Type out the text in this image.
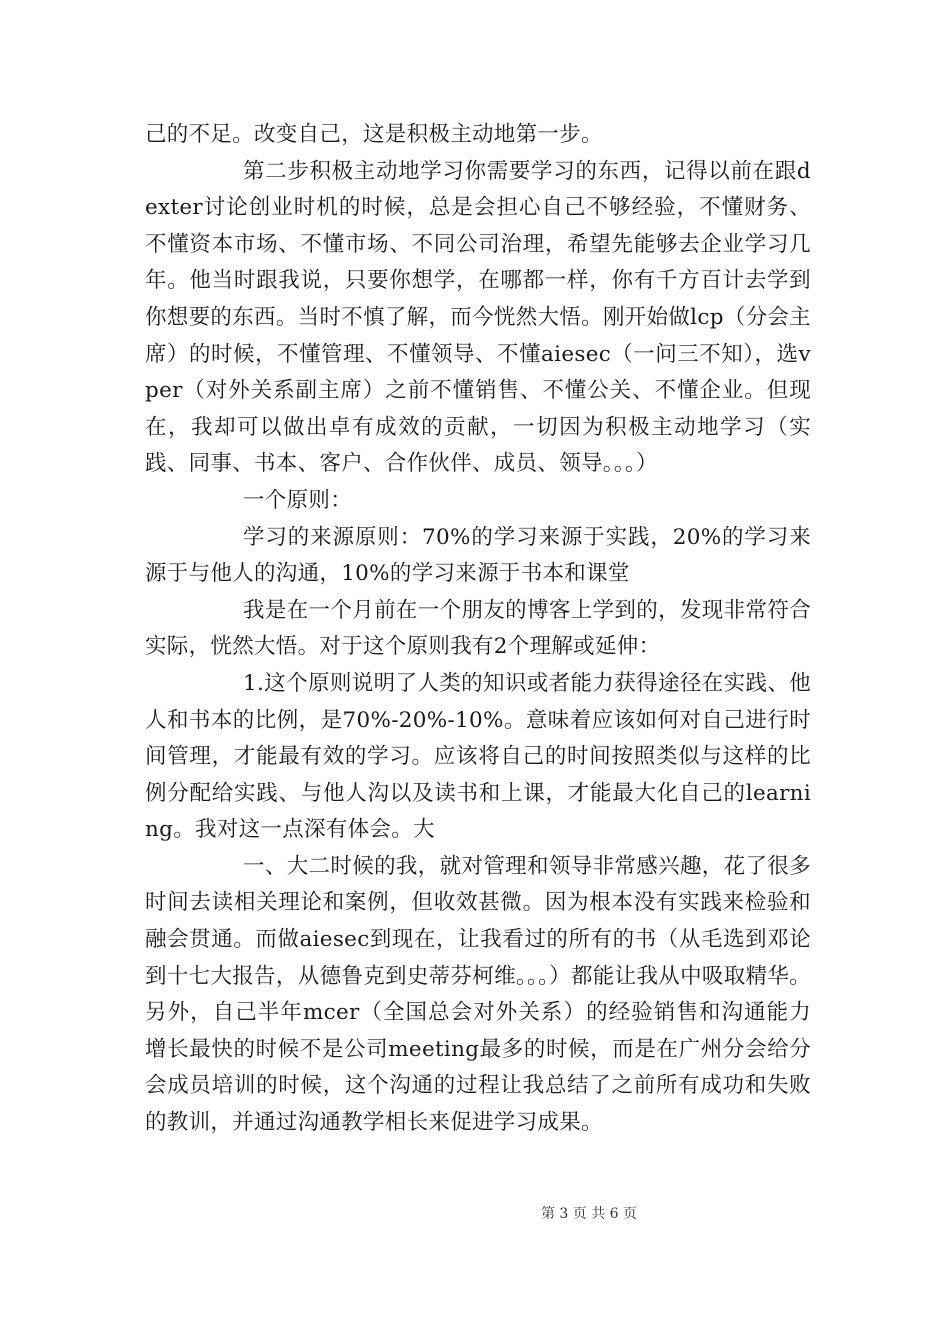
己的不足。改变自己，这是积极主动地第一步。

第二步积极主动地学习你需要学习的东西，记得以前在跟dexter讨论创业时机的时候，总是会担心自己不够经验，不懂财务、不懂资本市场、不懂市场、不同公司治理，希望先能够去企业学习几年。他当时跟我说，只要你想学，在哪都一样，你有千方百计去学到你想要的东西。当时不慎了解，而今恍然大悟。刚开始做lcp（分会主席）的时候，不懂管理、不懂领导、不懂aiesec（一问三不知），选vper（对外关系副主席）之前不懂销售、不懂公关、不懂企业。但现在，我却可以做出卓有成效的贡献，一切因为积极主动地学习（实践、同事、书本、客户、合作伙伴、成员、领导。。。）

一个原则：

学习的来源原则：70%的学习来源于实践，20%的学习来源于与他人的沟通，10%的学习来源于书本和课堂

我是在一个月前在一个朋友的博客上学到的，发现非常符合实际，恍然大悟。对于这个原则我有2个理解或延伸：

1.这个原则说明了人类的知识或者能力获得途径在实践、他人和书本的比例，是70%-20%-10%。意味着应该如何对自己进行时间管理，才能最有效的学习。应该将自己的时间按照类似与这样的比例分配给实践、与他人沟以及读书和上课，才能最大化自己的learning。我对这一点深有体会。大

一、大二时候的我，就对管理和领导非常感兴趣，花了很多时间去读相关理论和案例，但收效甚微。因为根本没有实践来检验和融会贯通。而做aiesec到现在，让我看过的所有的书（从毛选到邓论到十七大报告，从德鲁克到史蒂芬柯维。。。）都能让我从中吸取精华。另外，自己半年mcer（全国总会对外关系）的经验销售和沟通能力增长最快的时候不是公司meeting最多的时候，而是在广州分会给分会成员培训的时候，这个沟通的过程让我总结了之前所有成功和失败的教训，并通过沟通教学相长来促进学习成果。

第 3 页 共 6 页
